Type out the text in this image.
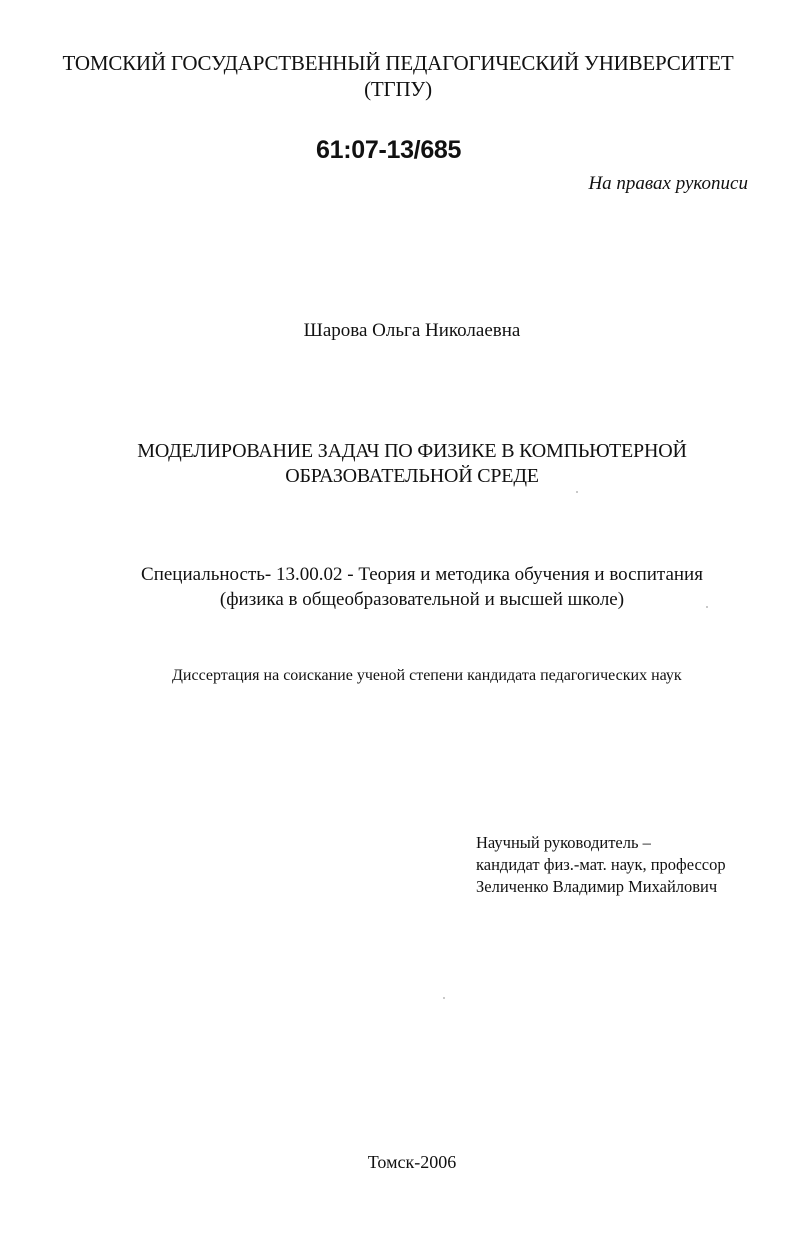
ТОМСКИЙ ГОСУДАРСТВЕННЫЙ ПЕДАГОГИЧЕСКИЙ УНИВЕРСИТЕТ
(ТГПУ)
61:07-13/685
На правах рукописи
Шарова Ольга Николаевна
МОДЕЛИРОВАНИЕ ЗАДАЧ ПО ФИЗИКЕ В КОМПЬЮТЕРНОЙ
ОБРАЗОВАТЕЛЬНОЙ СРЕДЕ
Специальность- 13.00.02 - Теория и методика обучения и воспитания
(физика в общеобразовательной и высшей школе)
Диссертация на соискание ученой степени кандидата педагогических наук
Научный руководитель –
кандидат физ.-мат. наук, профессор
Зеличенко Владимир Михайлович
Томск-2006
